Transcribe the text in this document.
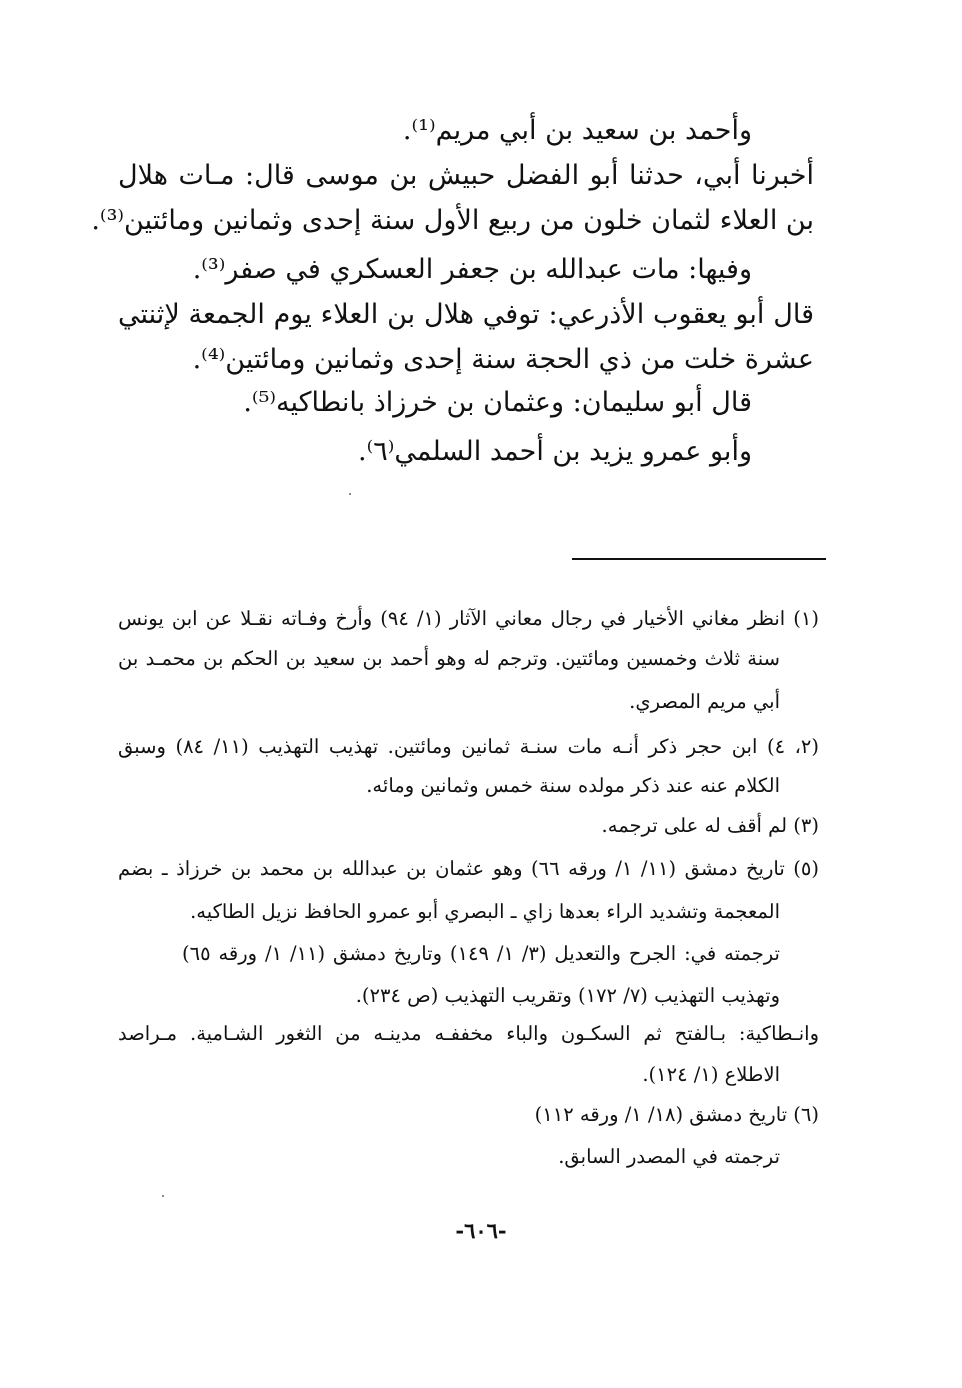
وأحمد بن سعيد بن أبي مريم⁽¹⁾.
أخبرنا أبي، حدثنا أبو الفضل حبيش بن موسى قال: مـات هلال
بن العلاء لثمان خلون من ربيع الأول سنة إحدى وثمانين ومائتين⁽³⁾.
وفيها: مات عبدالله بن جعفر العسكري في صفر⁽³⁾.
قال أبو يعقوب الأذرعي: توفي هلال بن العلاء يوم الجمعة لإثنتي
عشرة خلت من ذي الحجة سنة إحدى وثمانين ومائتين⁽⁴⁾.
قال أبو سليمان: وعثمان بن خرزاذ بانطاكيه⁽⁵⁾.
وأبو عمرو يزيد بن أحمد السلمي⁽٦⁾.
(١) انظر مغاني الأخيار في رجال معاني الآثار (١/ ٩٤) وأرخ وفـاته نقـلا عن ابن يونس
سنة ثلاث وخمسين ومائتين. وترجم له وهو أحمد بن سعيد بن الحكم بن محمـد بن
أبي مريم المصري.
(٢، ٤) ابن حجر ذكر أنـه مات سنـة ثمانين ومائتين. تهذيب التهذيب (١١/ ٨٤) وسبق
الكلام عنه عند ذكر مولده سنة خمس وثمانين ومائه.
(٣) لم أقف له على ترجمه.
(٥) تاريخ دمشق (١١/ ١/ ورقه ٦٦) وهو عثمان بن عبدالله بن محمد بن خرزاذ ـ بضم
المعجمة وتشديد الراء بعدها زاي ـ البصري أبو عمرو الحافظ نزيل الطاكيه.
ترجمته في: الجرح والتعديل (٣/ ١/ ١٤٩) وتاريخ دمشق (١١/ ١/ ورقه ٦٥)
وتهذيب التهذيب (٧/ ١٧٢) وتقريب التهذيب (ص ٢٣٤).
وانـطاكية: بـالفتح ثم السكـون والباء مخففـه مدينـه من الثغور الشـامية. مـراصد
الاطلاع (١/ ١٢٤).
(٦) تاريخ دمشق (١٨/ ١/ ورقه ١١٢)
ترجمته في المصدر السابق.
-٦٠٦-
